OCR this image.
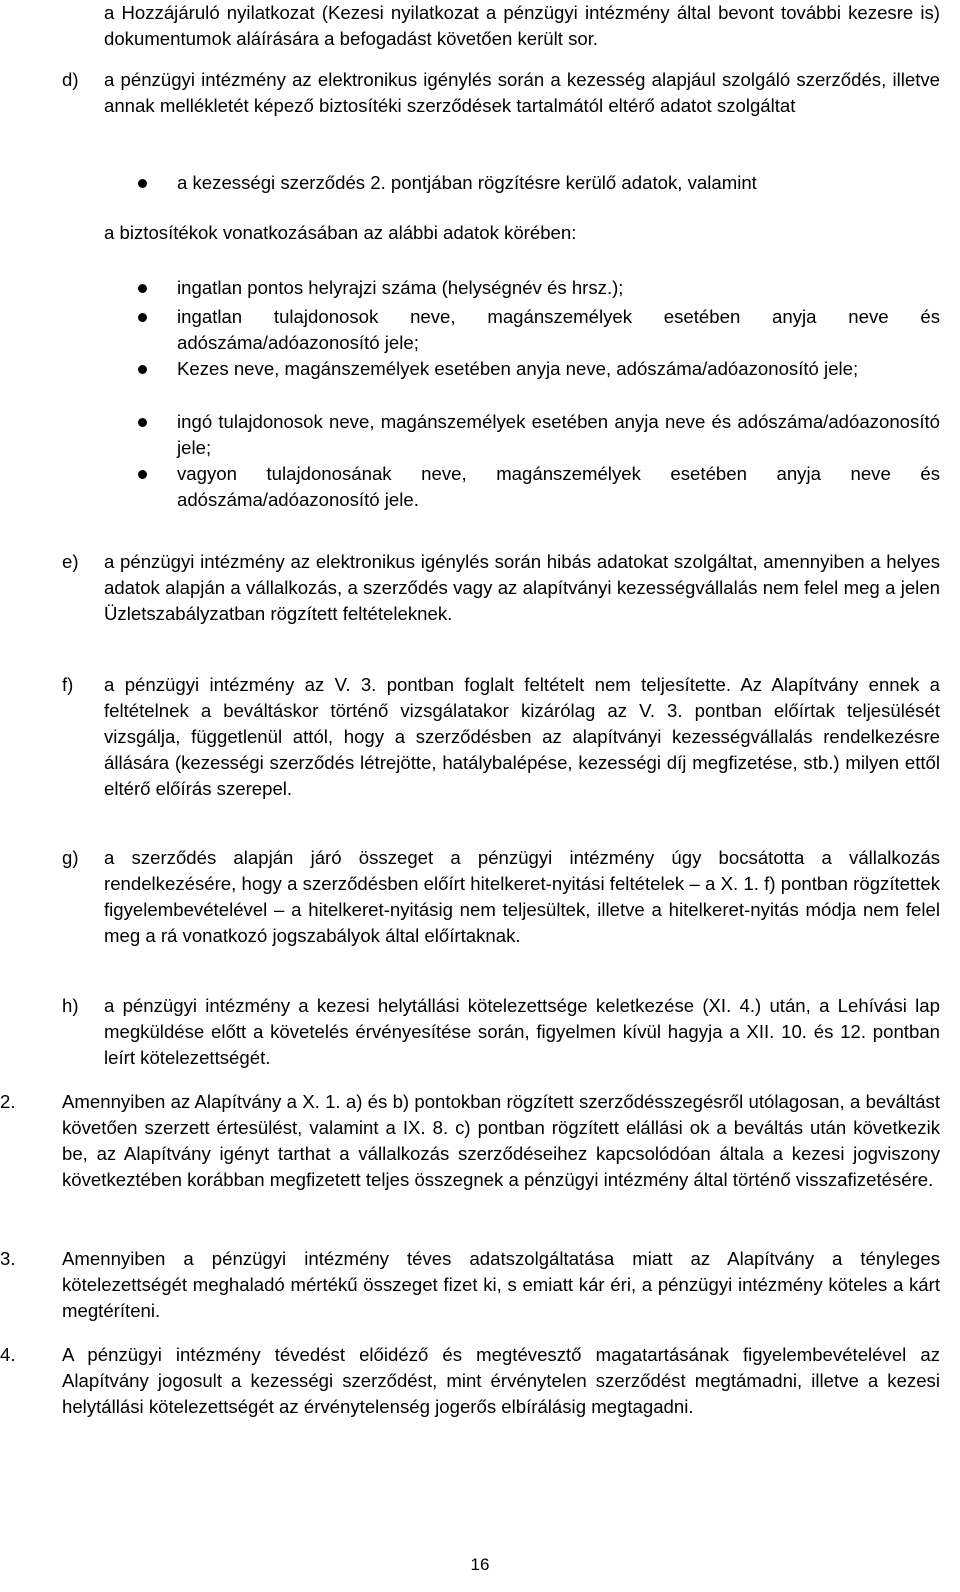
a Hozzájáruló nyilatkozat (Kezesi nyilatkozat a pénzügyi intézmény által bevont további kezesre is) dokumentumok aláírására a befogadást követően került sor.

d)	a pénzügyi intézmény az elektronikus igénylés során a kezesség alapjául szolgáló szerződés, illetve annak mellékletét képező biztosítéki szerződések tartalmától eltérő adatot szolgáltat

a kezességi szerződés 2. pontjában rögzítésre kerülő adatok, valamint

a biztosítékok vonatkozásában az alábbi adatok körében:

ingatlan pontos helyrajzi száma (helységnév és hrsz.);

ingatlan tulajdonosok neve, magánszemélyek esetében anyja neve és adószáma/adóazonosító jele;

Kezes neve, magánszemélyek esetében anyja neve, adószáma/adóazonosító jele;

ingó tulajdonosok neve, magánszemélyek esetében anyja neve és adószáma/adóazonosító jele;

vagyon tulajdonosának neve, magánszemélyek esetében anyja neve és adószáma/adóazonosító jele.

e)	a pénzügyi intézmény az elektronikus igénylés során hibás adatokat szolgáltat, amennyiben a helyes adatok alapján a vállalkozás, a szerződés vagy az alapítványi kezességvállalás nem felel meg a jelen Üzletszabályzatban rögzített feltételeknek.

f)	a pénzügyi intézmény az V. 3. pontban foglalt feltételt nem teljesítette. Az Alapítvány ennek a feltételnek a beváltáskor történő vizsgálatakor kizárólag az V. 3. pontban előírtak teljesülését vizsgálja, függetlenül attól, hogy a szerződésben az alapítványi kezességvállalás rendelkezésre állására (kezességi szerződés létrejötte, hatálybalépése, kezességi díj megfizetése, stb.) milyen ettől eltérő előírás szerepel.

g)	a szerződés alapján járó összeget a pénzügyi intézmény úgy bocsátotta a vállalkozás rendelkezésére, hogy a szerződésben előírt hitelkeret-nyitási feltételek – a X. 1. f) pontban rögzítettek figyelembevételével – a hitelkeret-nyitásig nem teljesültek, illetve a hitelkeret-nyitás módja nem felel meg a rá vonatkozó jogszabályok által előírtaknak.

h)	a pénzügyi intézmény a kezesi helytállási kötelezettsége keletkezése (XI. 4.) után, a Lehívási lap megküldése előtt a követelés érvényesítése során, figyelmen kívül hagyja a XII. 10. és 12. pontban leírt kötelezettségét.

2.	Amennyiben az Alapítvány a X. 1. a) és b) pontokban rögzített szerződésszegésről utólagosan, a beváltást követően szerzett értesülést, valamint a IX. 8. c) pontban rögzített elállási ok a beváltás után következik be, az Alapítvány igényt tarthat a vállalkozás szerződéseihez kapcsolódóan általa a kezesi jogviszony következtében korábban megfizetett teljes összegnek a pénzügyi intézmény által történő visszafizetésére.

3.	Amennyiben a pénzügyi intézmény téves adatszolgáltatása miatt az Alapítvány a tényleges kötelezettségét meghaladó mértékű összeget fizet ki, s emiatt kár éri, a pénzügyi intézmény köteles a kárt megtéríteni.

4.	A pénzügyi intézmény tévedést előidéző és megtévesztő magatartásának figyelembevételével az Alapítvány jogosult a kezességi szerződést, mint érvénytelen szerződést megtámadni, illetve a kezesi helytállási kötelezettségét az érvénytelenség jogerős elbírálásig megtagadni.

16
